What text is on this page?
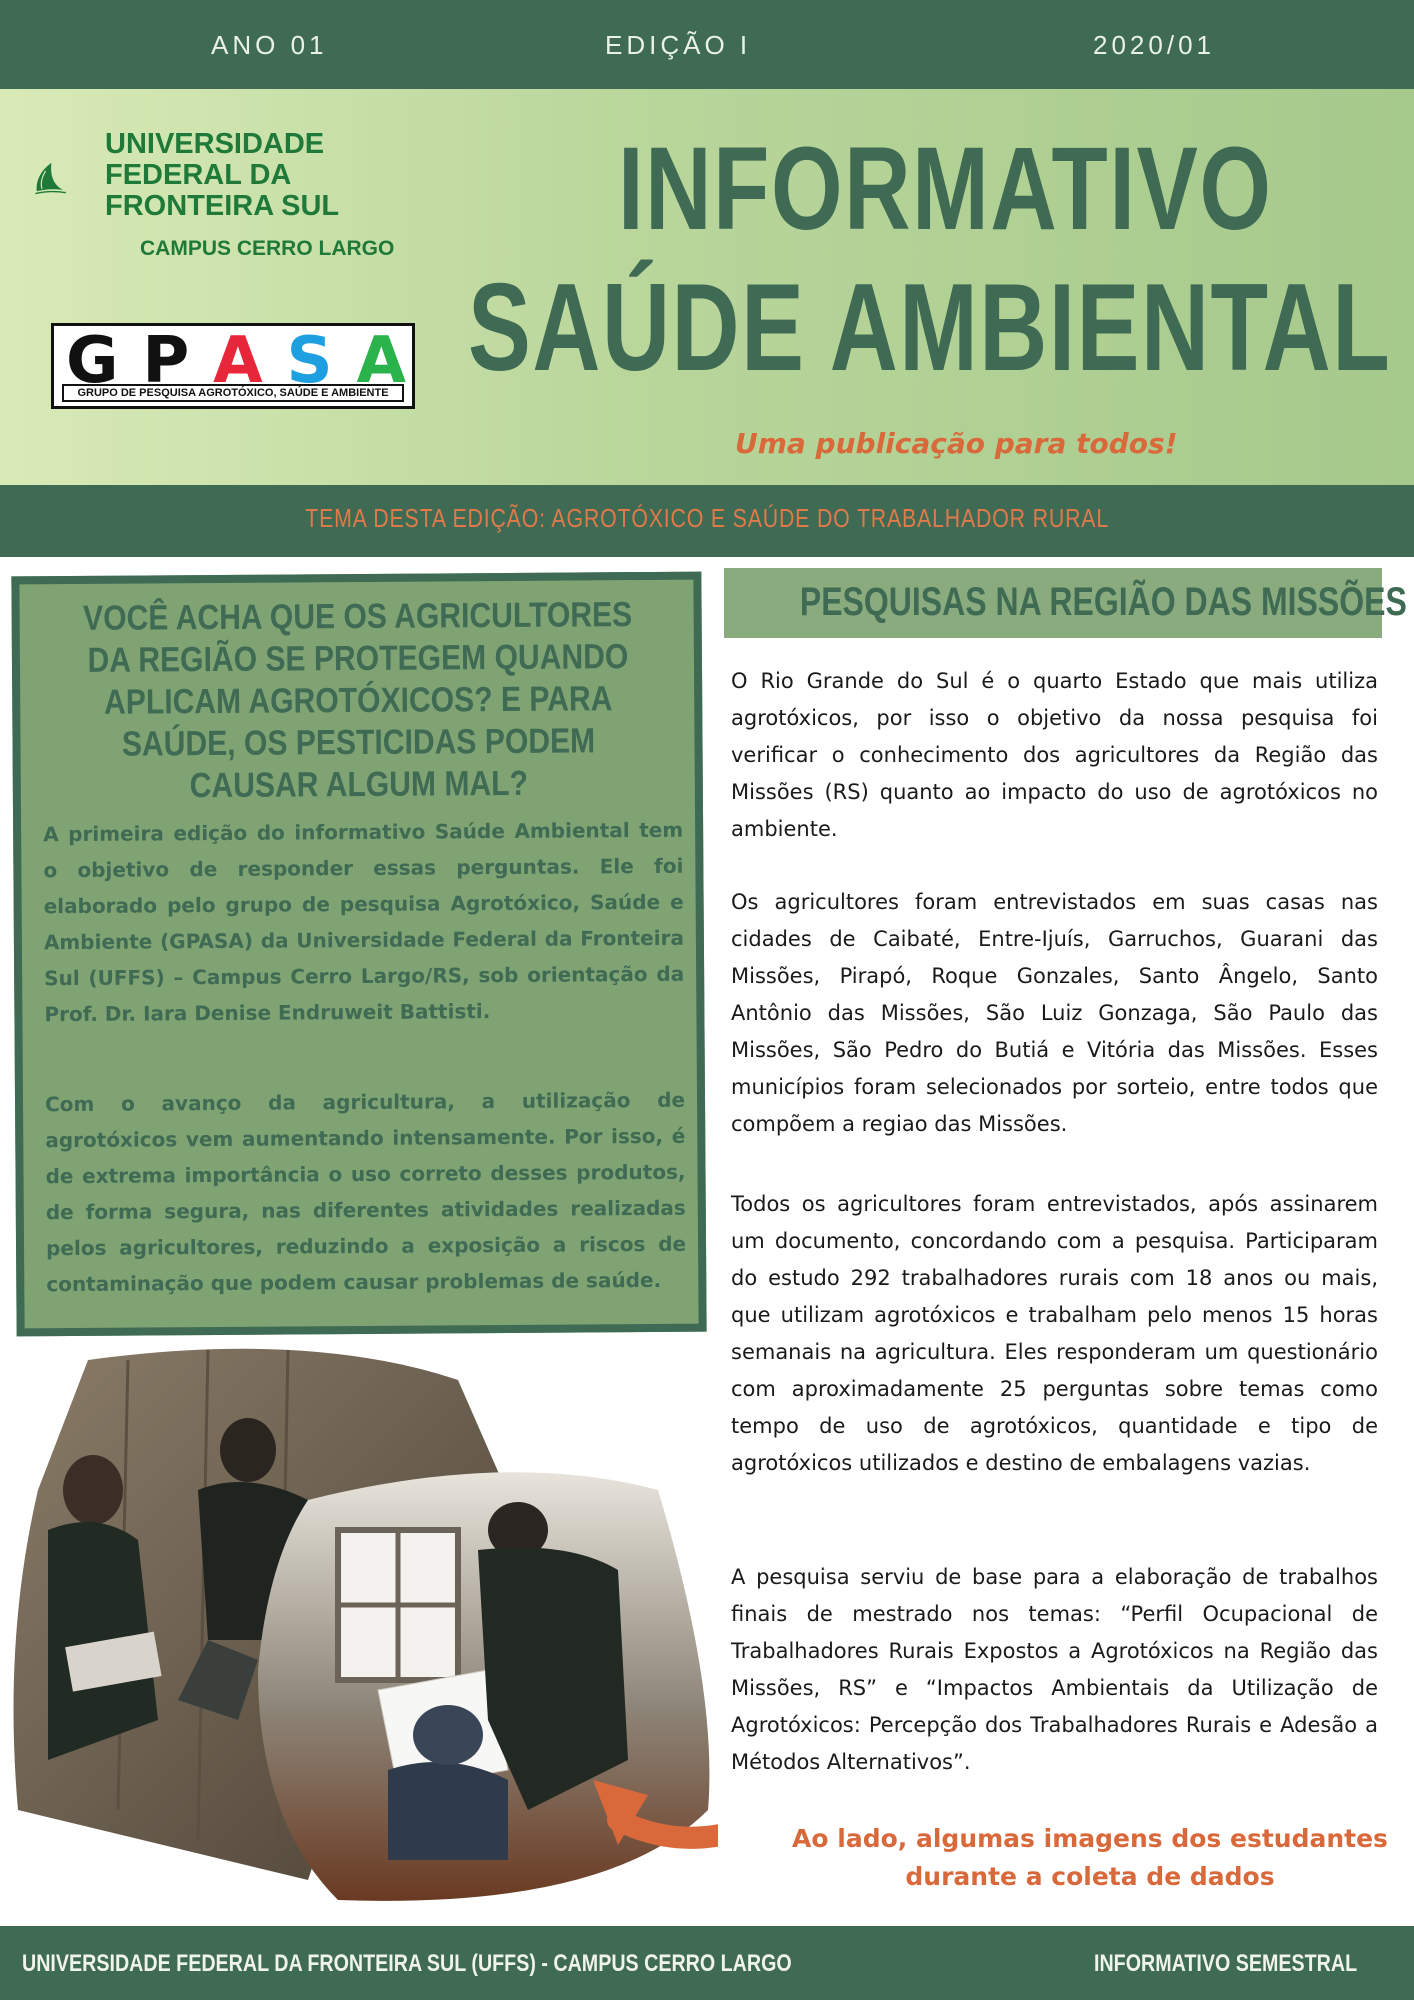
ANO 01	EDIÇÃO I	2020/01
UNIVERSIDADE
FEDERAL DA
FRONTEIRA SUL
CAMPUS CERRO LARGO
G P A S A
GRUPO DE PESQUISA AGROTÓXICO, SAÚDE E AMBIENTE
INFORMATIVO
SAÚDE AMBIENTAL
Uma publicação para todos!
TEMA DESTA EDIÇÃO: AGROTÓXICO E SAÚDE DO TRABALHADOR RURAL
VOCÊ ACHA QUE OS AGRICULTORES DA REGIÃO SE PROTEGEM QUANDO APLICAM AGROTÓXICOS? E PARA SAÚDE, OS PESTICIDAS PODEM CAUSAR ALGUM MAL?

A primeira edição do informativo Saúde Ambiental tem o objetivo de responder essas perguntas. Ele foi elaborado pelo grupo de pesquisa Agrotóxico, Saúde e Ambiente (GPASA) da Universidade Federal da Fronteira Sul (UFFS) – Campus Cerro Largo/RS, sob orientação da Prof. Dr. Iara Denise Endruweit Battisti.

Com o avanço da agricultura, a utilização de agrotóxicos vem aumentando intensamente. Por isso, é de extrema importância o uso correto desses produtos, de forma segura, nas diferentes atividades realizadas pelos agricultores, reduzindo a exposição a riscos de contaminação que podem causar problemas de saúde.

PESQUISAS NA REGIÃO DAS MISSÕES

O Rio Grande do Sul é o quarto Estado que mais utiliza agrotóxicos, por isso o objetivo da nossa pesquisa foi verificar o conhecimento dos agricultores da Região das Missões (RS) quanto ao impacto do uso de agrotóxicos no ambiente.

Os agricultores foram entrevistados em suas casas nas cidades de Caibaté, Entre-Ijuís, Garruchos, Guarani das Missões, Pirapó, Roque Gonzales, Santo Ângelo, Santo Antônio das Missões, São Luiz Gonzaga, São Paulo das Missões, São Pedro do Butiá e Vitória das Missões. Esses municípios foram selecionados por sorteio, entre todos que compõem a regiao das Missões.

Todos os agricultores foram entrevistados, após assinarem um documento, concordando com a pesquisa. Participaram do estudo 292 trabalhadores rurais com 18 anos ou mais, que utilizam agrotóxicos e trabalham pelo menos 15 horas semanais na agricultura. Eles responderam um questionário com aproximadamente 25 perguntas sobre temas como tempo de uso de agrotóxicos, quantidade e tipo de agrotóxicos utilizados e destino de embalagens vazias.

A pesquisa serviu de base para a elaboração de trabalhos finais de mestrado nos temas: “Perfil Ocupacional de Trabalhadores Rurais Expostos a Agrotóxicos na Região das Missões, RS” e “Impactos Ambientais da Utilização de Agrotóxicos: Percepção dos Trabalhadores Rurais e Adesão a Métodos Alternativos”.

Ao lado, algumas imagens dos estudantes durante a coleta de dados
UNIVERSIDADE FEDERAL DA FRONTEIRA SUL (UFFS) - CAMPUS CERRO LARGO	INFORMATIVO SEMESTRAL
